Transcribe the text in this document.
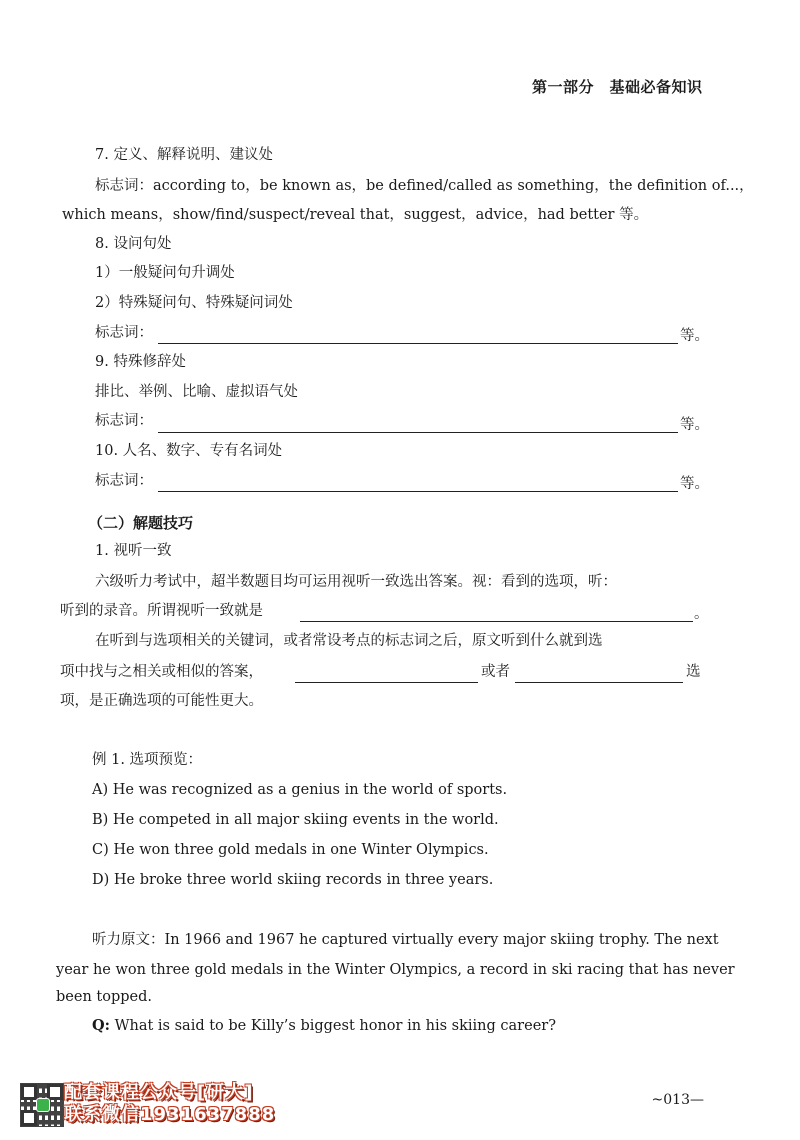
第一部分　基础必备知识
7. 定义、解释说明、建议处
标志词：according to，be known as，be defined/called as something，the definition of...，
which means，show/find/suspect/reveal that，suggest，advice，had better 等。
8. 设问句处
1）一般疑问句升调处
2）特殊疑问句、特殊疑问词处
标志词：	等。
9. 特殊修辞处
排比、举例、比喻、虚拟语气处
标志词：	等。
10. 人名、数字、专有名词处
标志词：	等。
（二）解题技巧
1. 视听一致
六级听力考试中，超半数题目均可运用视听一致选出答案。视：看到的选项，听：
听到的录音。所谓视听一致就是	。
在听到与选项相关的关键词，或者常设考点的标志词之后，原文听到什么就到选
项中找与之相关或相似的答案，	或者	选
项，是正确选项的可能性更大。
例 1. 选项预览：
A) He was recognized as a genius in the world of sports.
B) He competed in all major skiing events in the world.
C) He won three gold medals in one Winter Olympics.
D) He broke three world skiing records in three years.
听力原文：In 1966 and 1967 he captured virtually every major skiing trophy. The next
year he won three gold medals in the Winter Olympics, a record in ski racing that has never
been topped.
Q: What is said to be Killy’s biggest honor in his skiing career?
配套课程公众号[研大]
联系微信1931637888
~013—
